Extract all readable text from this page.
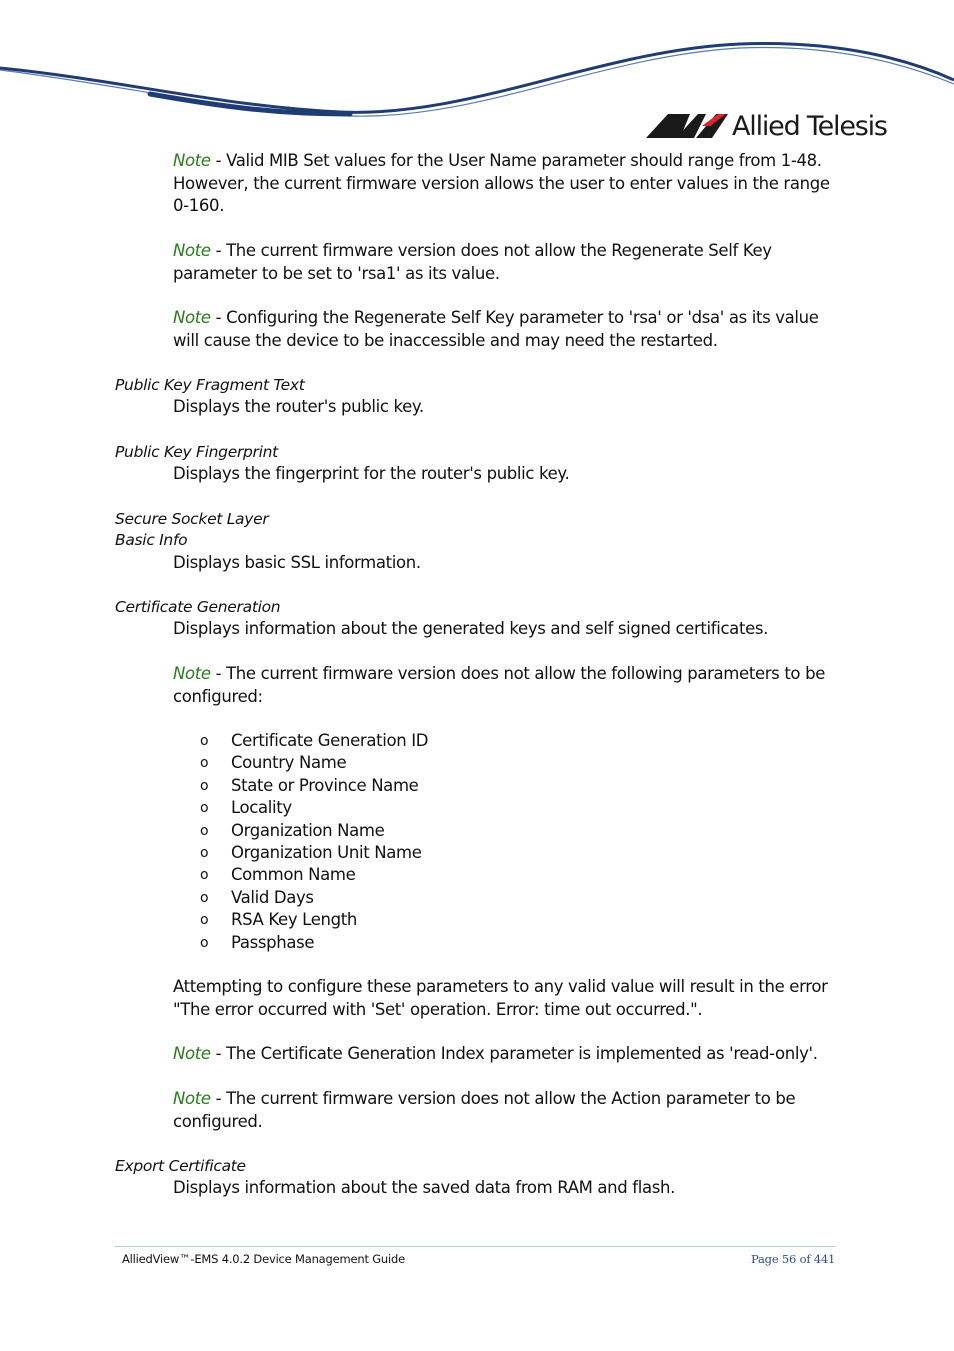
Allied Telesis
Note - Valid MIB Set values for the User Name parameter should range from 1-48. However, the current firmware version allows the user to enter values in the range 0-160.
Note - The current firmware version does not allow the Regenerate Self Key parameter to be set to 'rsa1' as its value.
Note - Configuring the Regenerate Self Key parameter to 'rsa' or 'dsa' as its value will cause the device to be inaccessible and may need the restarted.
Public Key Fragment Text
Displays the router's public key.
Public Key Fingerprint
Displays the fingerprint for the router's public key.
Secure Socket Layer
Basic Info
Displays basic SSL information.
Certificate Generation
Displays information about the generated keys and self signed certificates.
Note - The current firmware version does not allow the following parameters to be configured:
o Certificate Generation ID
o Country Name
o State or Province Name
o Locality
o Organization Name
o Organization Unit Name
o Common Name
o Valid Days
o RSA Key Length
o Passphase
Attempting to configure these parameters to any valid value will result in the error "The error occurred with 'Set' operation. Error: time out occurred.".
Note - The Certificate Generation Index parameter is implemented as 'read-only'.
Note - The current firmware version does not allow the Action parameter to be configured.
Export Certificate
Displays information about the saved data from RAM and flash.
AlliedView™-EMS 4.0.2 Device Management Guide	Page 56 of 441
